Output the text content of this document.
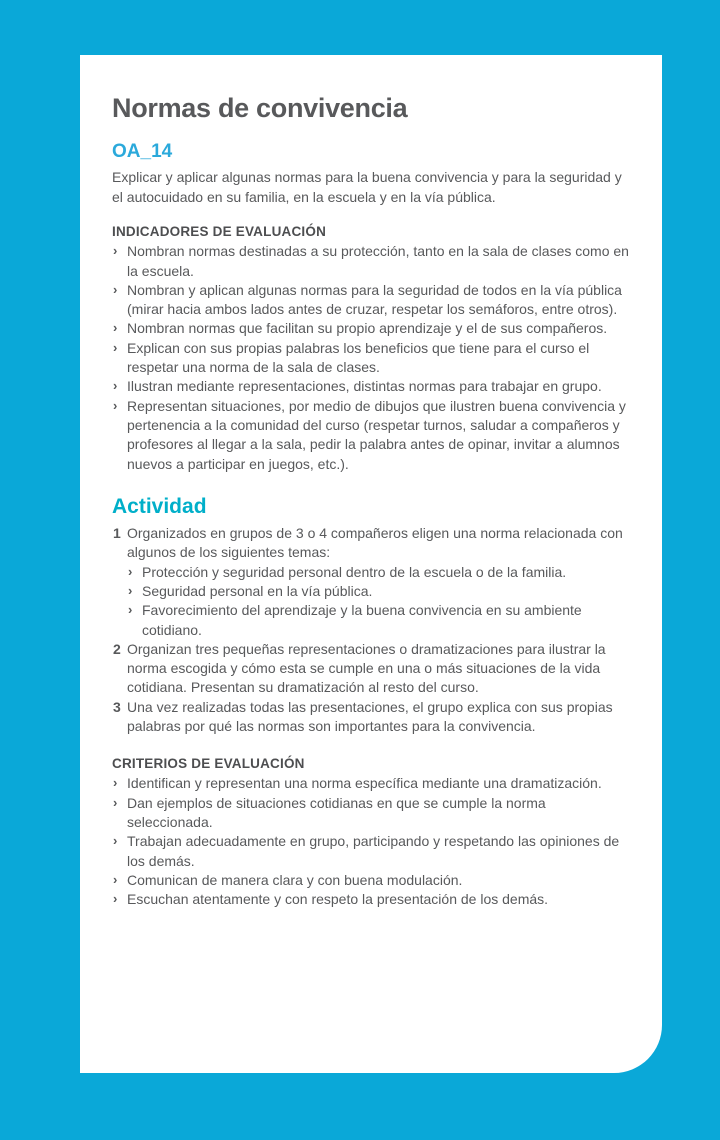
Normas de convivencia
OA_14

Explicar y aplicar algunas normas para la buena convivencia y para la seguridad y el autocuidado en su familia, en la escuela y en la vía pública.

INDICADORES DE EVALUACIÓN
› Nombran normas destinadas a su protección, tanto en la sala de clases como en la escuela.
› Nombran y aplican algunas normas para la seguridad de todos en la vía pública (mirar hacia ambos lados antes de cruzar, respetar los semáforos, entre otros).
› Nombran normas que facilitan su propio aprendizaje y el de sus compañeros.
› Explican con sus propias palabras los beneficios que tiene para el curso el respetar una norma de la sala de clases.
› Ilustran mediante representaciones, distintas normas para trabajar en grupo.
› Representan situaciones, por medio de dibujos que ilustren buena convivencia y pertenencia a la comunidad del curso (respetar turnos, saludar a compañeros y profesores al llegar a la sala, pedir la palabra antes de opinar, invitar a alumnos nuevos a participar en juegos, etc.).
Actividad
1 Organizados en grupos de 3 o 4 compañeros eligen una norma relacionada con algunos de los siguientes temas:
› Protección y seguridad personal dentro de la escuela o de la familia.
› Seguridad personal en la vía pública.
› Favorecimiento del aprendizaje y la buena convivencia en su ambiente cotidiano.
2 Organizan tres pequeñas representaciones o dramatizaciones para ilustrar la norma escogida y cómo esta se cumple en una o más situaciones de la vida cotidiana. Presentan su dramatización al resto del curso.
3 Una vez realizadas todas las presentaciones, el grupo explica con sus propias palabras por qué las normas son importantes para la convivencia.
CRITERIOS DE EVALUACIÓN
› Identifican y representan una norma específica mediante una dramatización.
› Dan ejemplos de situaciones cotidianas en que se cumple la norma seleccionada.
› Trabajan adecuadamente en grupo, participando y respetando las opiniones de los demás.
› Comunican de manera clara y con buena modulación.
› Escuchan atentamente y con respeto la presentación de los demás.
